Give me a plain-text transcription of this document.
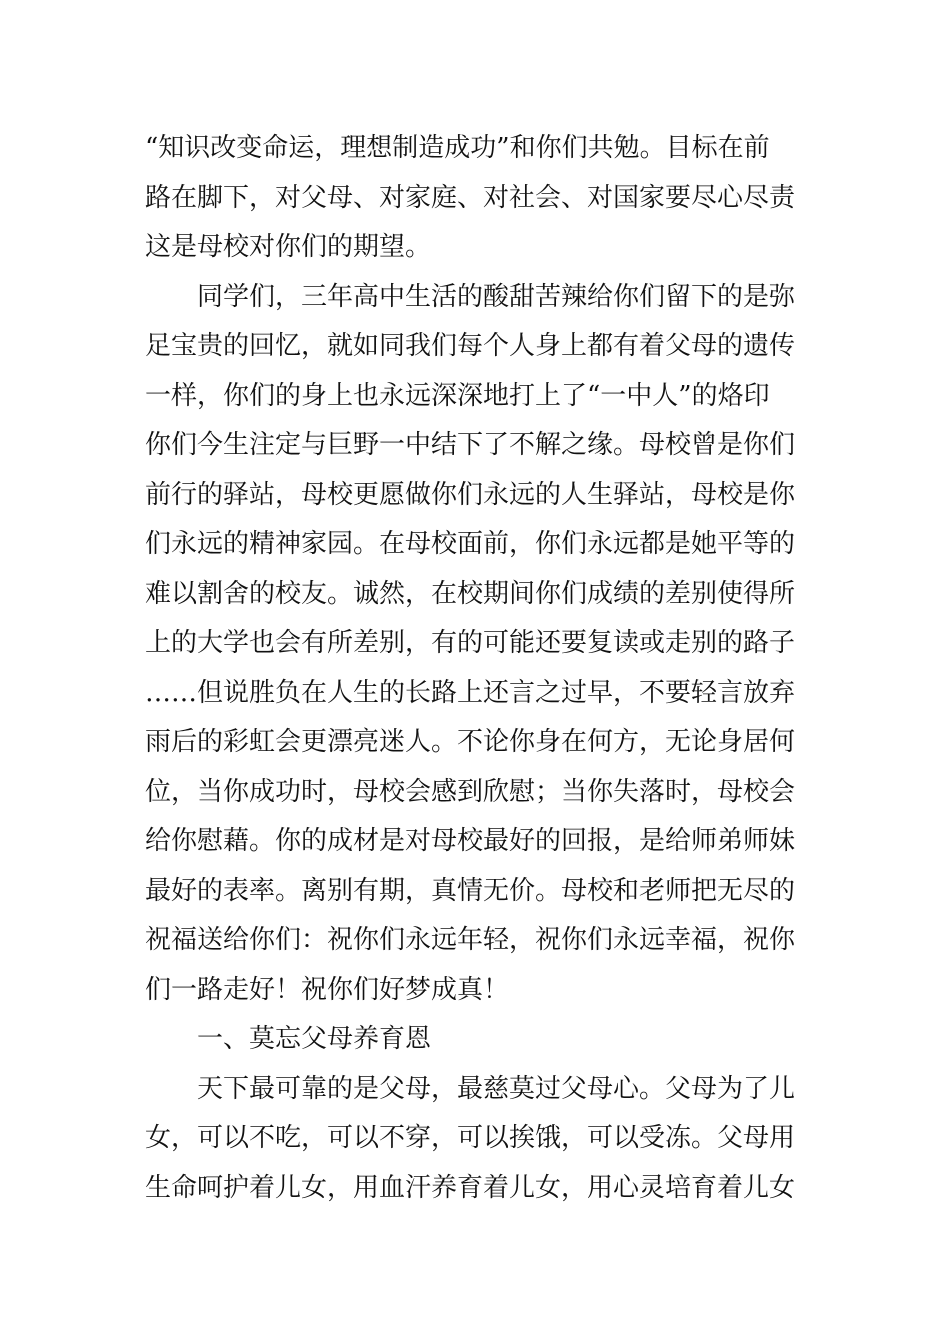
“知识改变命运，理想制造成功”和你们共勉。目标在前
路在脚下，对父母、对家庭、对社会、对国家要尽心尽责
这是母校对你们的期望。
同学们，三年高中生活的酸甜苦辣给你们留下的是弥
足宝贵的回忆，就如同我们每个人身上都有着父母的遗传
一样，你们的身上也永远深深地打上了“一中人”的烙印
你们今生注定与巨野一中结下了不解之缘。母校曾是你们
前行的驿站，母校更愿做你们永远的人生驿站，母校是你
们永远的精神家园。在母校面前，你们永远都是她平等的
难以割舍的校友。诚然，在校期间你们成绩的差别使得所
上的大学也会有所差别，有的可能还要复读或走别的路子
……但说胜负在人生的长路上还言之过早，不要轻言放弃
雨后的彩虹会更漂亮迷人。不论你身在何方，无论身居何
位，当你成功时，母校会感到欣慰；当你失落时，母校会
给你慰藉。你的成材是对母校最好的回报，是给师弟师妹
最好的表率。离别有期，真情无价。母校和老师把无尽的
祝福送给你们：祝你们永远年轻，祝你们永远幸福，祝你
们一路走好！祝你们好梦成真！
一、莫忘父母养育恩
天下最可靠的是父母，最慈莫过父母心。父母为了儿
女，可以不吃，可以不穿，可以挨饿，可以受冻。父母用
生命呵护着儿女，用血汗养育着儿女，用心灵培育着儿女
